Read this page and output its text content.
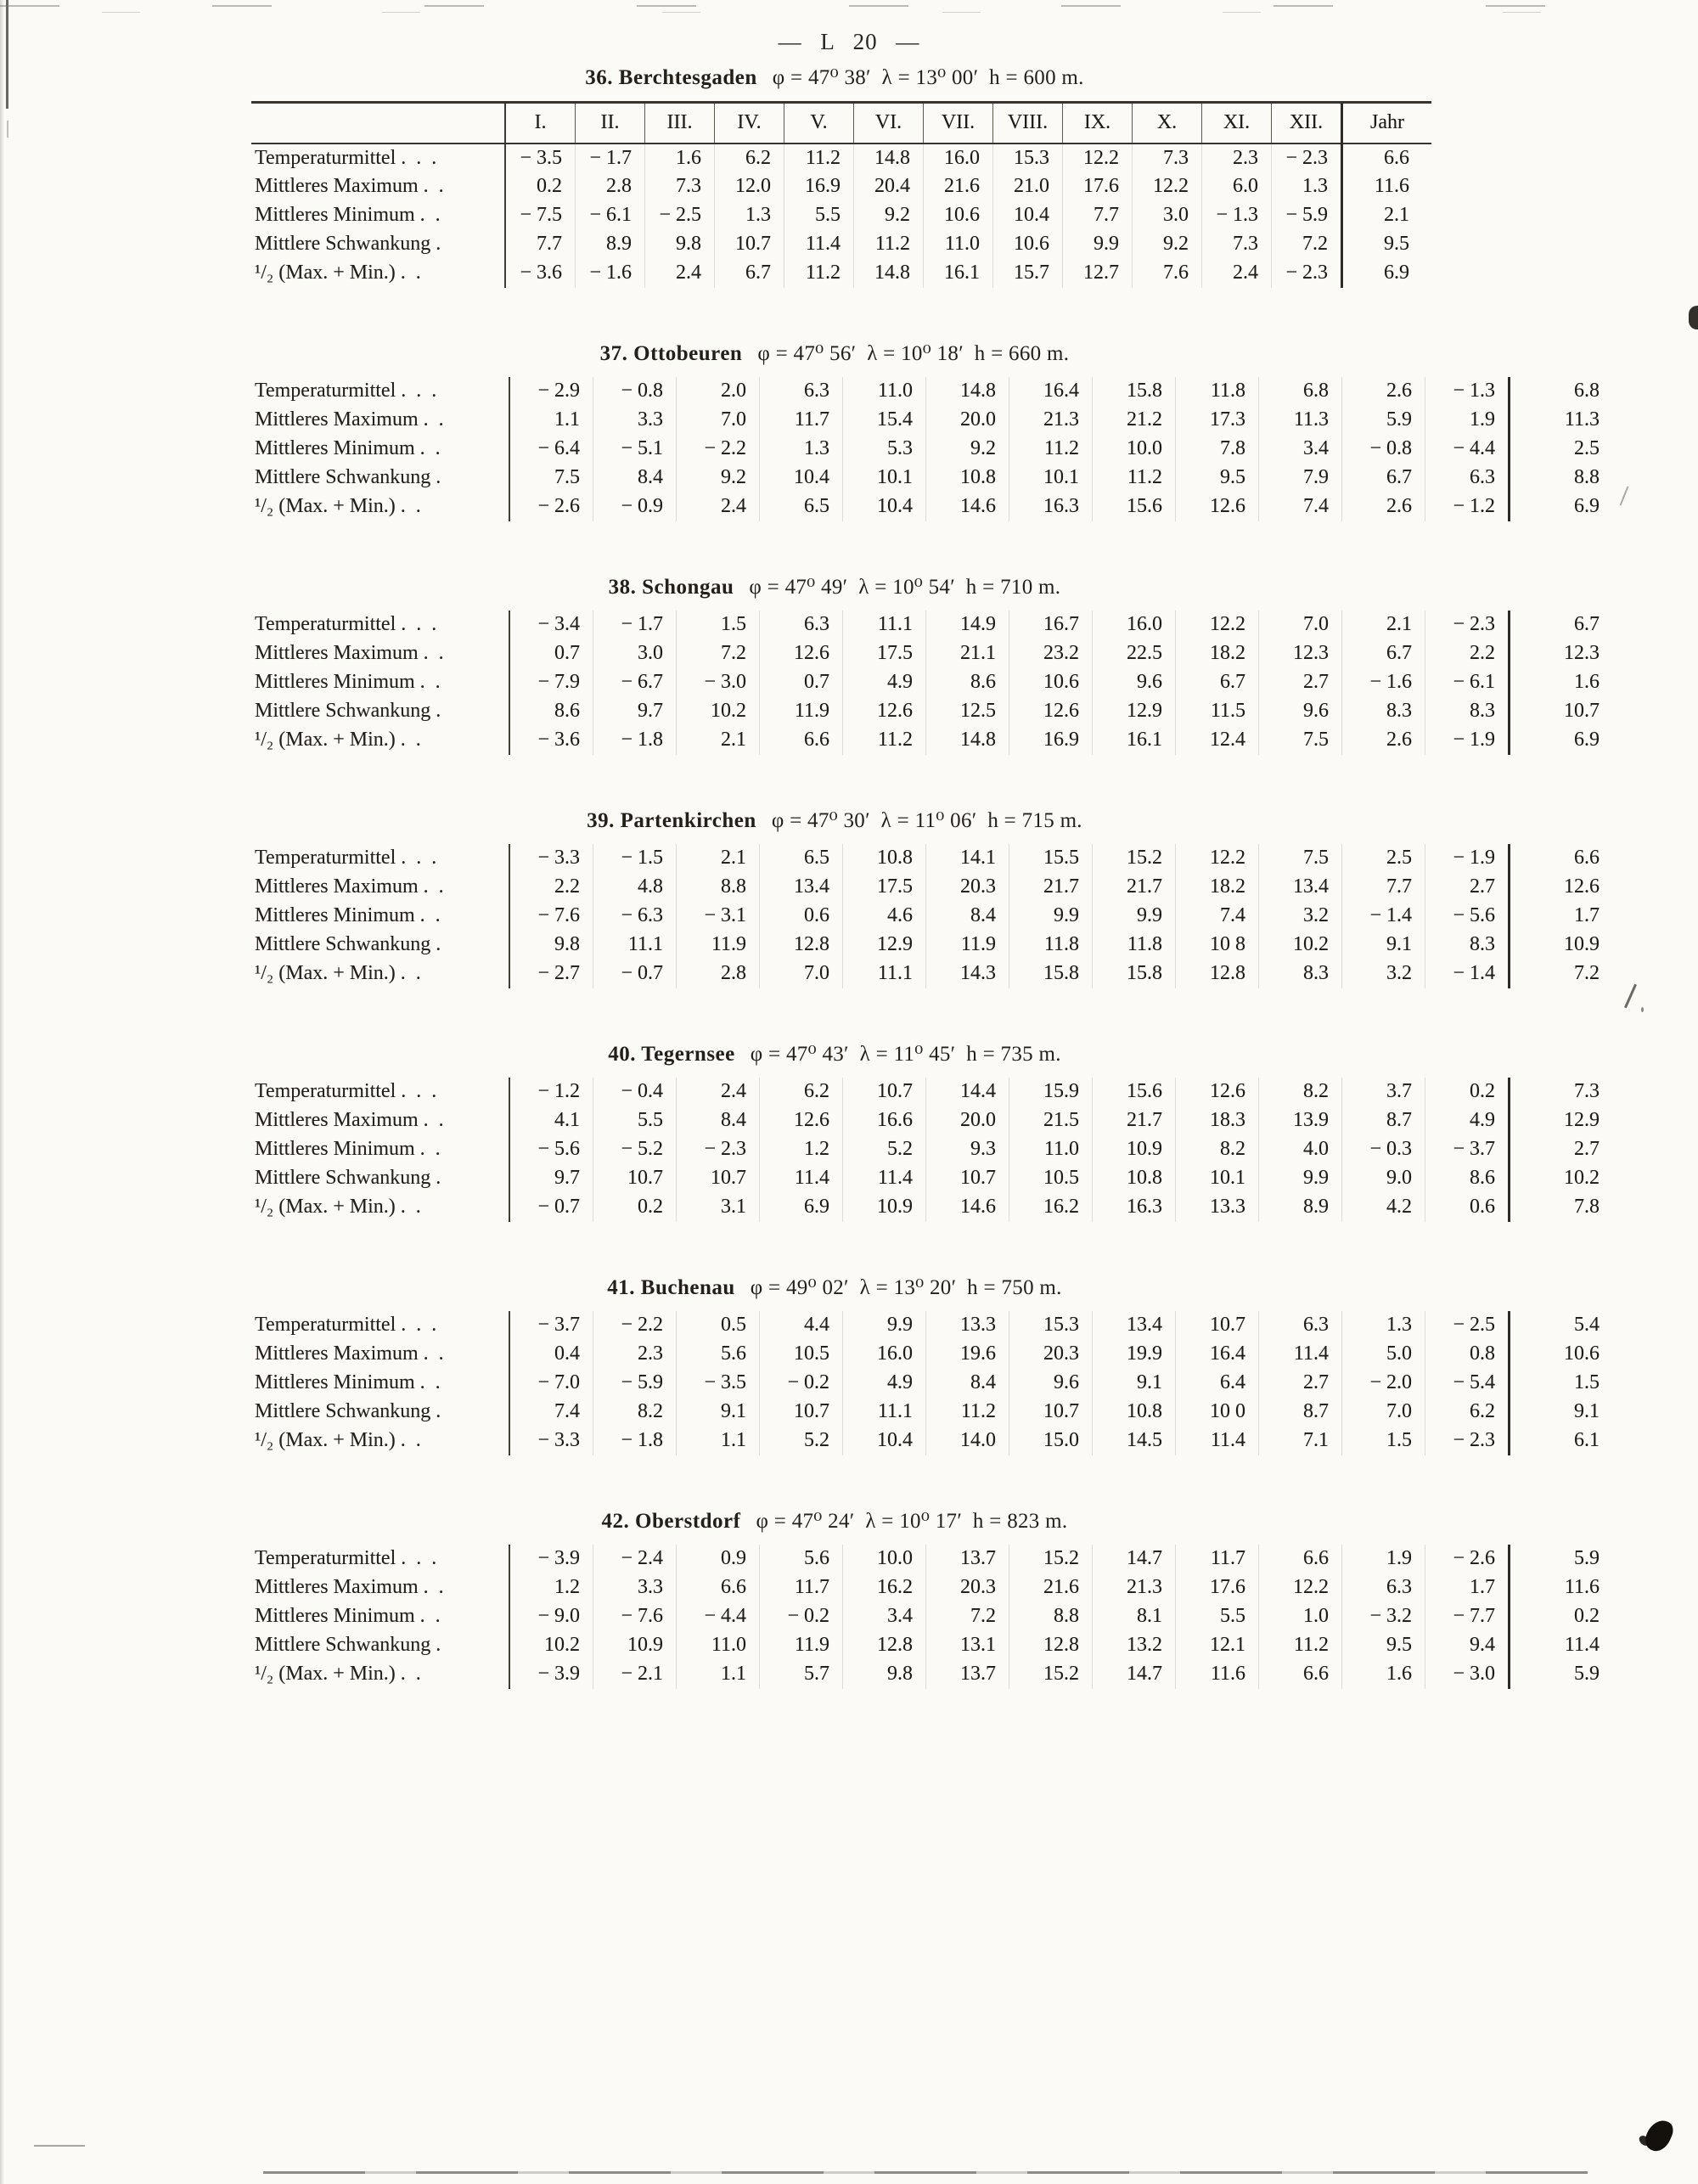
— L 20 —
36. Berchtesgaden φ = 47⁰ 38′ λ = 13⁰ 00′ h = 600 m.
	I.	II.	III.	IV.	V.	VI.	VII.	VIII.	IX.	X.	XI.	XII.	Jahr
Temperaturmittel . . .	− 3.5	− 1.7	1.6	6.2	11.2	14.8	16.0	15.3	12.2	7.3	2.3	− 2.3	6.6
Mittleres Maximum . .	0.2	2.8	7.3	12.0	16.9	20.4	21.6	21.0	17.6	12.2	6.0	1.3	11.6
Mittleres Minimum . .	− 7.5	− 6.1	− 2.5	1.3	5.5	9.2	10.6	10.4	7.7	3.0	− 1.3	− 5.9	2.1
Mittlere Schwankung .	7.7	8.9	9.8	10.7	11.4	11.2	11.0	10.6	9.9	9.2	7.3	7.2	9.5
¹/₂ (Max. + Min.) . .	− 3.6	− 1.6	2.4	6.7	11.2	14.8	16.1	15.7	12.7	7.6	2.4	− 2.3	6.9
37. Ottobeuren φ = 47⁰ 56′ λ = 10⁰ 18′ h = 660 m.
Temperaturmittel . . .	− 2.9	− 0.8	2.0	6.3	11.0	14.8	16.4	15.8	11.8	6.8	2.6	− 1.3	6.8
Mittleres Maximum . .	1.1	3.3	7.0	11.7	15.4	20.0	21.3	21.2	17.3	11.3	5.9	1.9	11.3
Mittleres Minimum . .	− 6.4	− 5.1	− 2.2	1.3	5.3	9.2	11.2	10.0	7.8	3.4	− 0.8	− 4.4	2.5
Mittlere Schwankung .	7.5	8.4	9.2	10.4	10.1	10.8	10.1	11.2	9.5	7.9	6.7	6.3	8.8
¹/₂ (Max. + Min.) . .	− 2.6	− 0.9	2.4	6.5	10.4	14.6	16.3	15.6	12.6	7.4	2.6	− 1.2	6.9
38. Schongau φ = 47⁰ 49′ λ = 10⁰ 54′ h = 710 m.
Temperaturmittel . . .	− 3.4	− 1.7	1.5	6.3	11.1	14.9	16.7	16.0	12.2	7.0	2.1	− 2.3	6.7
Mittleres Maximum . .	0.7	3.0	7.2	12.6	17.5	21.1	23.2	22.5	18.2	12.3	6.7	2.2	12.3
Mittleres Minimum . .	− 7.9	− 6.7	− 3.0	0.7	4.9	8.6	10.6	9.6	6.7	2.7	− 1.6	− 6.1	1.6
Mittlere Schwankung .	8.6	9.7	10.2	11.9	12.6	12.5	12.6	12.9	11.5	9.6	8.3	8.3	10.7
¹/₂ (Max. + Min.) . .	− 3.6	− 1.8	2.1	6.6	11.2	14.8	16.9	16.1	12.4	7.5	2.6	− 1.9	6.9
39. Partenkirchen φ = 47⁰ 30′ λ = 11⁰ 06′ h = 715 m.
Temperaturmittel . . .	− 3.3	− 1.5	2.1	6.5	10.8	14.1	15.5	15.2	12.2	7.5	2.5	− 1.9	6.6
Mittleres Maximum . .	2.2	4.8	8.8	13.4	17.5	20.3	21.7	21.7	18.2	13.4	7.7	2.7	12.6
Mittleres Minimum . .	− 7.6	− 6.3	− 3.1	0.6	4.6	8.4	9.9	9.9	7.4	3.2	− 1.4	− 5.6	1.7
Mittlere Schwankung .	9.8	11.1	11.9	12.8	12.9	11.9	11.8	11.8	10 8	10.2	9.1	8.3	10.9
¹/₂ (Max. + Min.) . .	− 2.7	− 0.7	2.8	7.0	11.1	14.3	15.8	15.8	12.8	8.3	3.2	− 1.4	7.2
40. Tegernsee φ = 47⁰ 43′ λ = 11⁰ 45′ h = 735 m.
Temperaturmittel . . .	− 1.2	− 0.4	2.4	6.2	10.7	14.4	15.9	15.6	12.6	8.2	3.7	0.2	7.3
Mittleres Maximum . .	4.1	5.5	8.4	12.6	16.6	20.0	21.5	21.7	18.3	13.9	8.7	4.9	12.9
Mittleres Minimum . .	− 5.6	− 5.2	− 2.3	1.2	5.2	9.3	11.0	10.9	8.2	4.0	− 0.3	− 3.7	2.7
Mittlere Schwankung .	9.7	10.7	10.7	11.4	11.4	10.7	10.5	10.8	10.1	9.9	9.0	8.6	10.2
¹/₂ (Max. + Min.) . .	− 0.7	0.2	3.1	6.9	10.9	14.6	16.2	16.3	13.3	8.9	4.2	0.6	7.8
41. Buchenau φ = 49⁰ 02′ λ = 13⁰ 20′ h = 750 m.
Temperaturmittel . . .	− 3.7	− 2.2	0.5	4.4	9.9	13.3	15.3	13.4	10.7	6.3	1.3	− 2.5	5.4
Mittleres Maximum . .	0.4	2.3	5.6	10.5	16.0	19.6	20.3	19.9	16.4	11.4	5.0	0.8	10.6
Mittleres Minimum . .	− 7.0	− 5.9	− 3.5	− 0.2	4.9	8.4	9.6	9.1	6.4	2.7	− 2.0	− 5.4	1.5
Mittlere Schwankung .	7.4	8.2	9.1	10.7	11.1	11.2	10.7	10.8	10 0	8.7	7.0	6.2	9.1
¹/₂ (Max. + Min.) . .	− 3.3	− 1.8	1.1	5.2	10.4	14.0	15.0	14.5	11.4	7.1	1.5	− 2.3	6.1
42. Oberstdorf φ = 47⁰ 24′ λ = 10⁰ 17′ h = 823 m.
Temperaturmittel . . .	− 3.9	− 2.4	0.9	5.6	10.0	13.7	15.2	14.7	11.7	6.6	1.9	− 2.6	5.9
Mittleres Maximum . .	1.2	3.3	6.6	11.7	16.2	20.3	21.6	21.3	17.6	12.2	6.3	1.7	11.6
Mittleres Minimum . .	− 9.0	− 7.6	− 4.4	− 0.2	3.4	7.2	8.8	8.1	5.5	1.0	− 3.2	− 7.7	0.2
Mittlere Schwankung .	10.2	10.9	11.0	11.9	12.8	13.1	12.8	13.2	12.1	11.2	9.5	9.4	11.4
¹/₂ (Max. + Min.) . .	− 3.9	− 2.1	1.1	5.7	9.8	13.7	15.2	14.7	11.6	6.6	1.6	− 3.0	5.9
